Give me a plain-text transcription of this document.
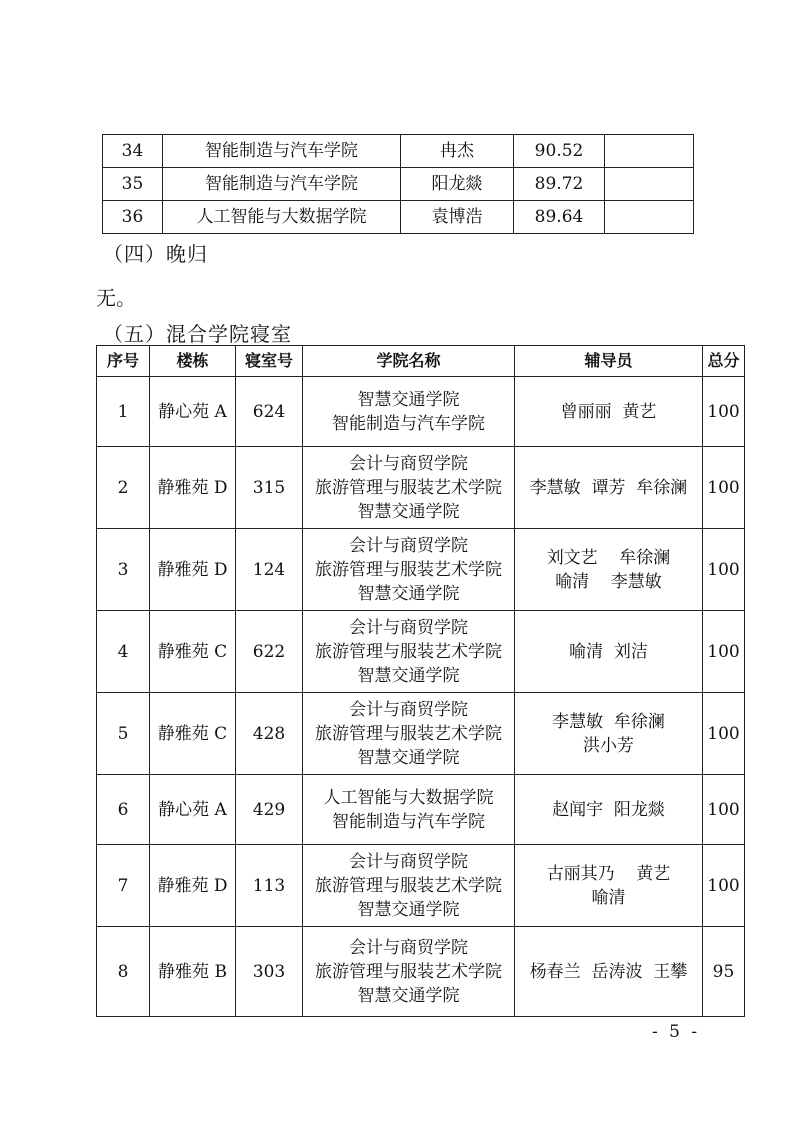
34	智能制造与汽车学院	冉杰	90.52	
35	智能制造与汽车学院	阳龙燚	89.72	
36	人工智能与大数据学院	袁博浩	89.64	
（四）晚归
无。
（五）混合学院寝室
序号	楼栋	寝室号	学院名称	辅导员	总分
1	静心苑 A	624	智慧交通学院
智能制造与汽车学院	曾丽丽  黄艺	100
2	静雅苑 D	315	会计与商贸学院
旅游管理与服装艺术学院
智慧交通学院	李慧敏  谭芳  牟徐澜	100
3	静雅苑 D	124	会计与商贸学院
旅游管理与服装艺术学院
智慧交通学院	刘文艺    牟徐澜
喻清    李慧敏	100
4	静雅苑 C	622	会计与商贸学院
旅游管理与服装艺术学院
智慧交通学院	喻清  刘洁	100
5	静雅苑 C	428	会计与商贸学院
旅游管理与服装艺术学院
智慧交通学院	李慧敏  牟徐澜
洪小芳	100
6	静心苑 A	429	人工智能与大数据学院
智能制造与汽车学院	赵闻宇  阳龙燚	100
7	静雅苑 D	113	会计与商贸学院
旅游管理与服装艺术学院
智慧交通学院	古丽其乃    黄艺
喻清	100
8	静雅苑 B	303	会计与商贸学院
旅游管理与服装艺术学院
智慧交通学院	杨春兰  岳涛波  王攀	95
- 5 -
